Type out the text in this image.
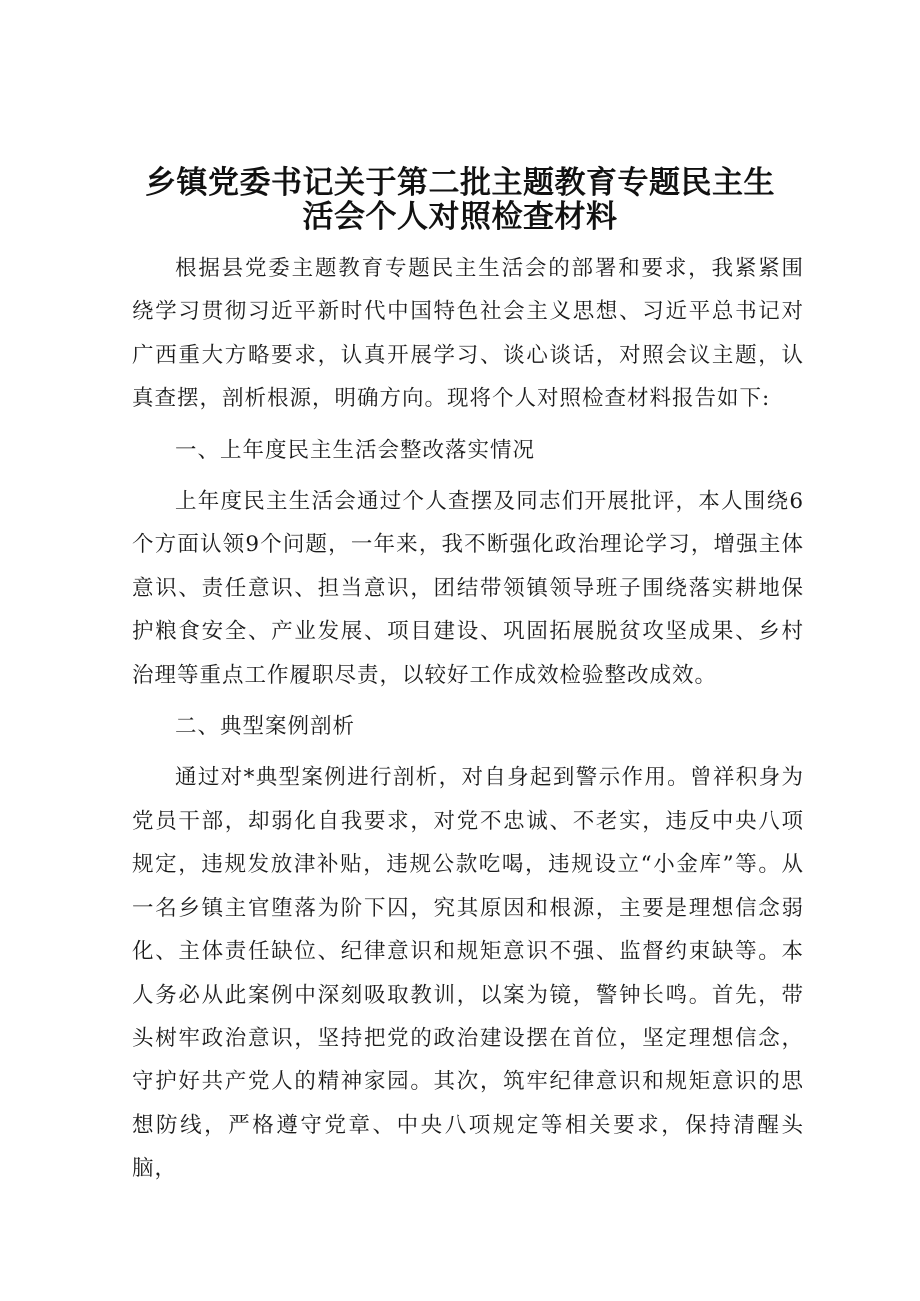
乡镇党委书记关于第二批主题教育专题民主生
活会个人对照检查材料

根据县党委主题教育专题民主生活会的部署和要求，我紧紧围绕学习贯彻习近平新时代中国特色社会主义思想、习近平总书记对广西重大方略要求，认真开展学习、谈心谈话，对照会议主题，认真查摆，剖析根源，明确方向。现将个人对照检查材料报告如下:

一、上年度民主生活会整改落实情况

上年度民主生活会通过个人查摆及同志们开展批评，本人围绕6个方面认领9个问题，一年来，我不断强化政治理论学习，增强主体意识、责任意识、担当意识，团结带领镇领导班子围绕落实耕地保护粮食安全、产业发展、项目建设、巩固拓展脱贫攻坚成果、乡村治理等重点工作履职尽责，以较好工作成效检验整改成效。

二、典型案例剖析

通过对*典型案例进行剖析，对自身起到警示作用。曾祥积身为党员干部，却弱化自我要求，对党不忠诚、不老实，违反中央八项规定，违规发放津补贴，违规公款吃喝，违规设立“小金库”等。从一名乡镇主官堕落为阶下囚，究其原因和根源，主要是理想信念弱化、主体责任缺位、纪律意识和规矩意识不强、监督约束缺等。本人务必从此案例中深刻吸取教训，以案为镜，警钟长鸣。首先，带头树牢政治意识，坚持把党的政治建设摆在首位，坚定理想信念，守护好共产党人的精神家园。其次，筑牢纪律意识和规矩意识的思想防线，严格遵守党章、中央八项规定等相关要求，保持清醒头脑，
